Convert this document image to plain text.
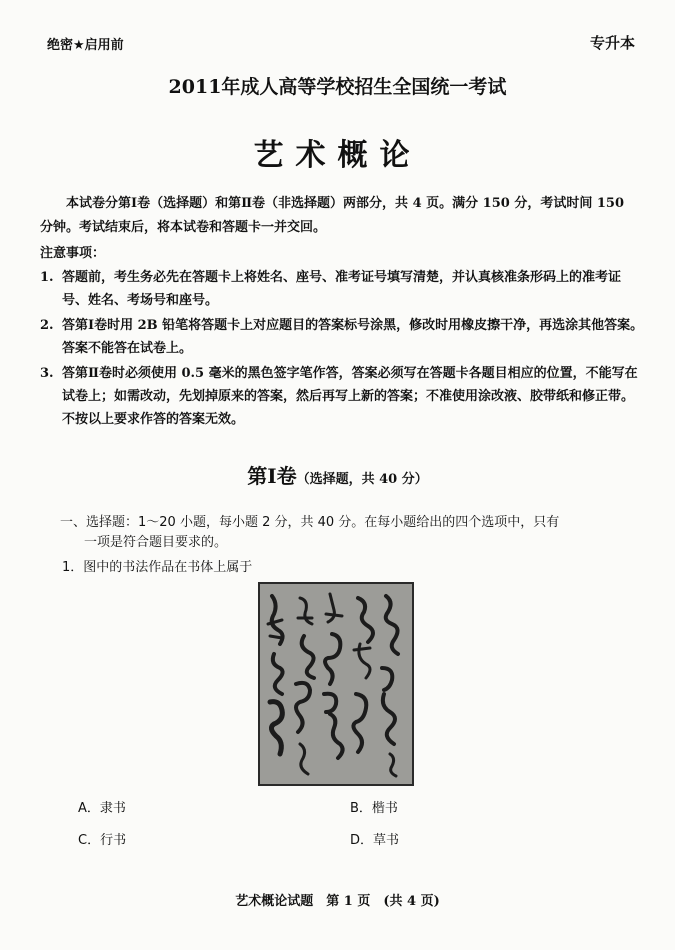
绝密★启用前	专升本
2011年成人高等学校招生全国统一考试
艺术概论
本试卷分第Ⅰ卷（选择题）和第Ⅱ卷（非选择题）两部分，共 4 页。满分 150 分，考试时间 150 分钟。考试结束后，将本试卷和答题卡一并交回。
注意事项：
1. 答题前，考生务必先在答题卡上将姓名、座号、准考证号填写清楚，并认真核准条形码上的准考证号、姓名、考场号和座号。
2. 答第Ⅰ卷时用 2B 铅笔将答题卡上对应题目的答案标号涂黑，修改时用橡皮擦干净，再选涂其他答案。答案不能答在试卷上。
3. 答第Ⅱ卷时必须使用 0.5 毫米的黑色签字笔作答，答案必须写在答题卡各题目相应的位置，不能写在试卷上；如需改动，先划掉原来的答案，然后再写上新的答案；不准使用涂改液、胶带纸和修正带。不按以上要求作答的答案无效。
第Ⅰ卷（选择题，共 40 分）
一、选择题：1～20 小题，每小题 2 分，共 40 分。在每小题给出的四个选项中，只有
一项是符合题目要求的。
1．图中的书法作品在书体上属于
A．隶书	B．楷书
C．行书	D．草书
艺术概论试题　第 1 页　(共 4 页)
